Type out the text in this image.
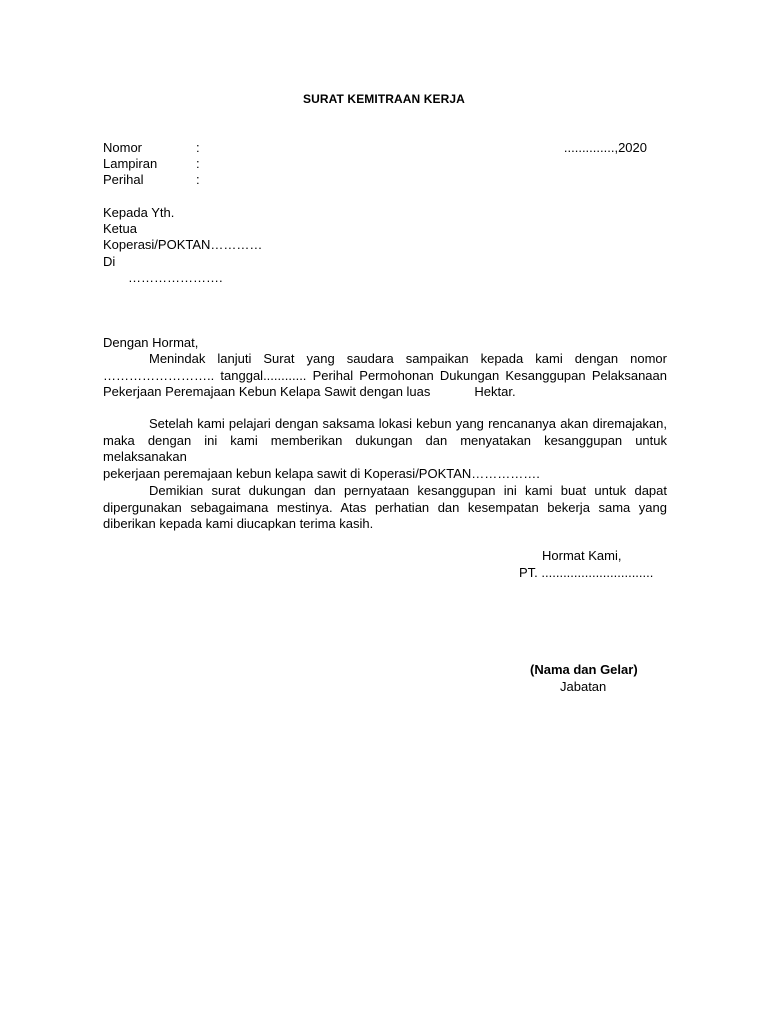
SURAT KEMITRAAN KERJA
Nomor	:	..............,2020
Lampiran	:
Perihal	:
Kepada Yth.
Ketua
Koperasi/POKTAN…………
Di
………………….
Dengan Hormat,
Menindak lanjuti Surat yang saudara sampaikan kepada kami dengan nomor
…………………….. tanggal............ Perihal Permohonan Dukungan Kesanggupan Pelaksanaan
Pekerjaan Peremajaan Kebun Kelapa Sawit dengan luas	Hektar.
Setelah kami pelajari dengan saksama lokasi kebun yang rencananya akan diremajakan,
maka dengan ini kami memberikan dukungan dan menyatakan kesanggupan untuk melaksanakan
pekerjaan peremajaan kebun kelapa sawit di Koperasi/POKTAN…………….
Demikian surat dukungan dan pernyataan kesanggupan ini kami buat untuk dapat
dipergunakan sebagaimana mestinya. Atas perhatian dan kesempatan bekerja sama yang
diberikan kepada kami diucapkan terima kasih.
Hormat Kami,
PT. ...............................
(Nama dan Gelar)
Jabatan
